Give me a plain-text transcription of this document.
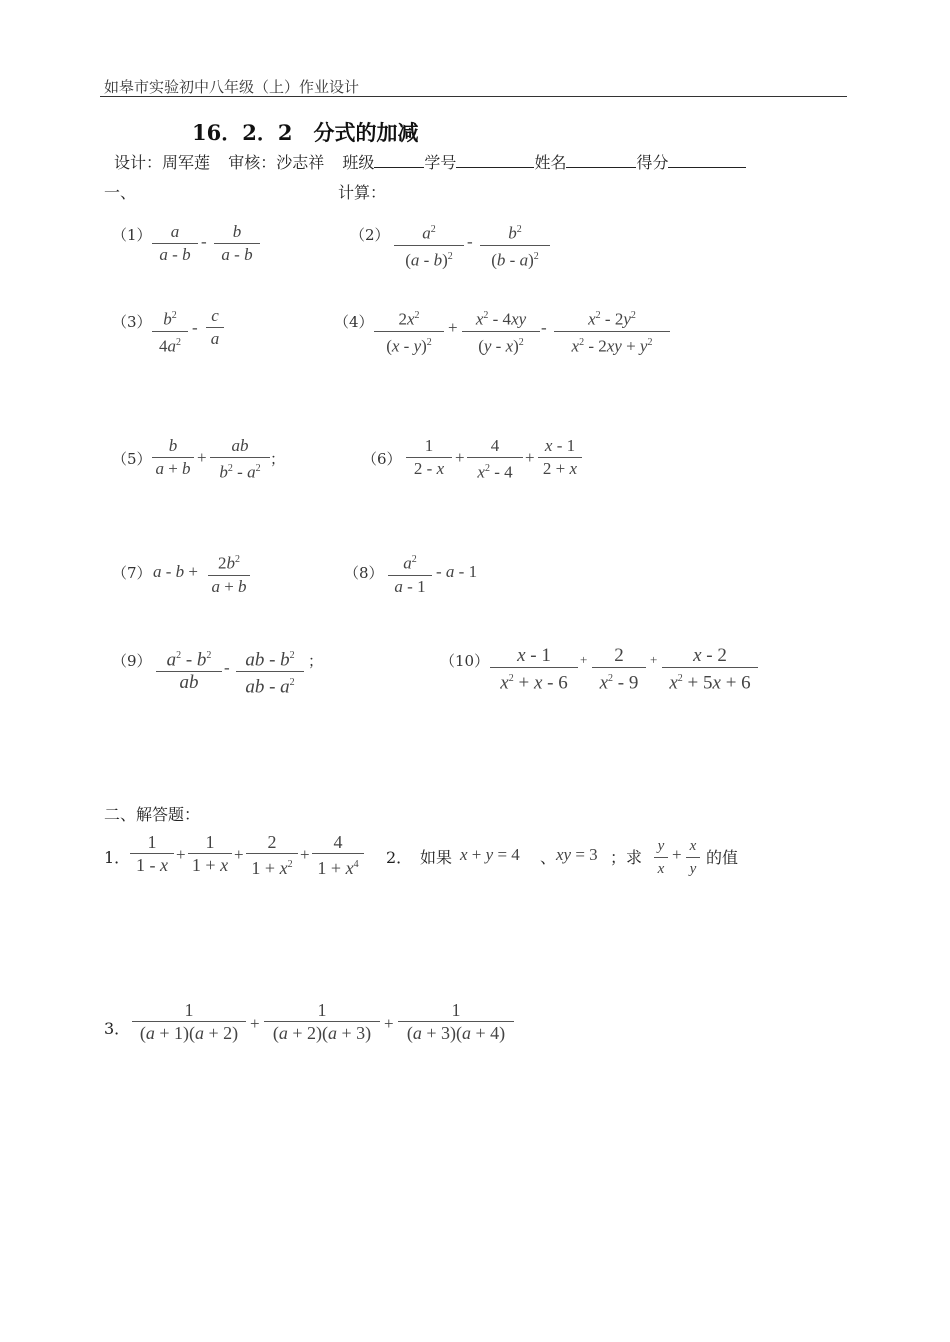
如皋市实验初中八年级（上）作业设计
16．2．2　分式的加减
设计：周军莲 审核：沙志祥 班级	学号	姓名	得分
一、	计算：
（1）	a
a - b
-
b
a - b
（2）	$a^2$
(a - b)$^2$
-	$b^2$
(b - a)$^2$
（3） $b^2$
$4a^2$
-
c
a
（4）	$2x^2$
(x - y)$^2$
+	$x^2 - 4xy$
(y - x)$^2$
-	$x^2 - 2y^2$
$x^2 - 2xy + y^2$
（5）
b
a + b
+
ab
$b^2 - a^2$
；	（6）
1
2 - x
+
4
$x^2 - 4$
+
x - 1
2 + x
（7） a - b +	$2b^2$
a + b
（8）
$a^2$
a - 1
- a - 1
（9） $a^2 - b^2$
ab
- ab - $b^2$
ab - $a^2$
；	（10）	x - 1
$x^2 + x - 6$
+	2
$x^2 - 9$
+	x - 2
$x^2 + 5x + 6$
二、解答题：
1．
1
1 - x
+
1
1 + x
+
2
$1 + x^2$
+
4
$1 + x^4$	2． 如果 x + y = 4 、 xy = 3 ；求
y
x
+ x
y
的值
3．
1
(a + 1)(a + 2) +
1
(a + 2)(a + 3) +
1
(a + 3)(a + 4)
